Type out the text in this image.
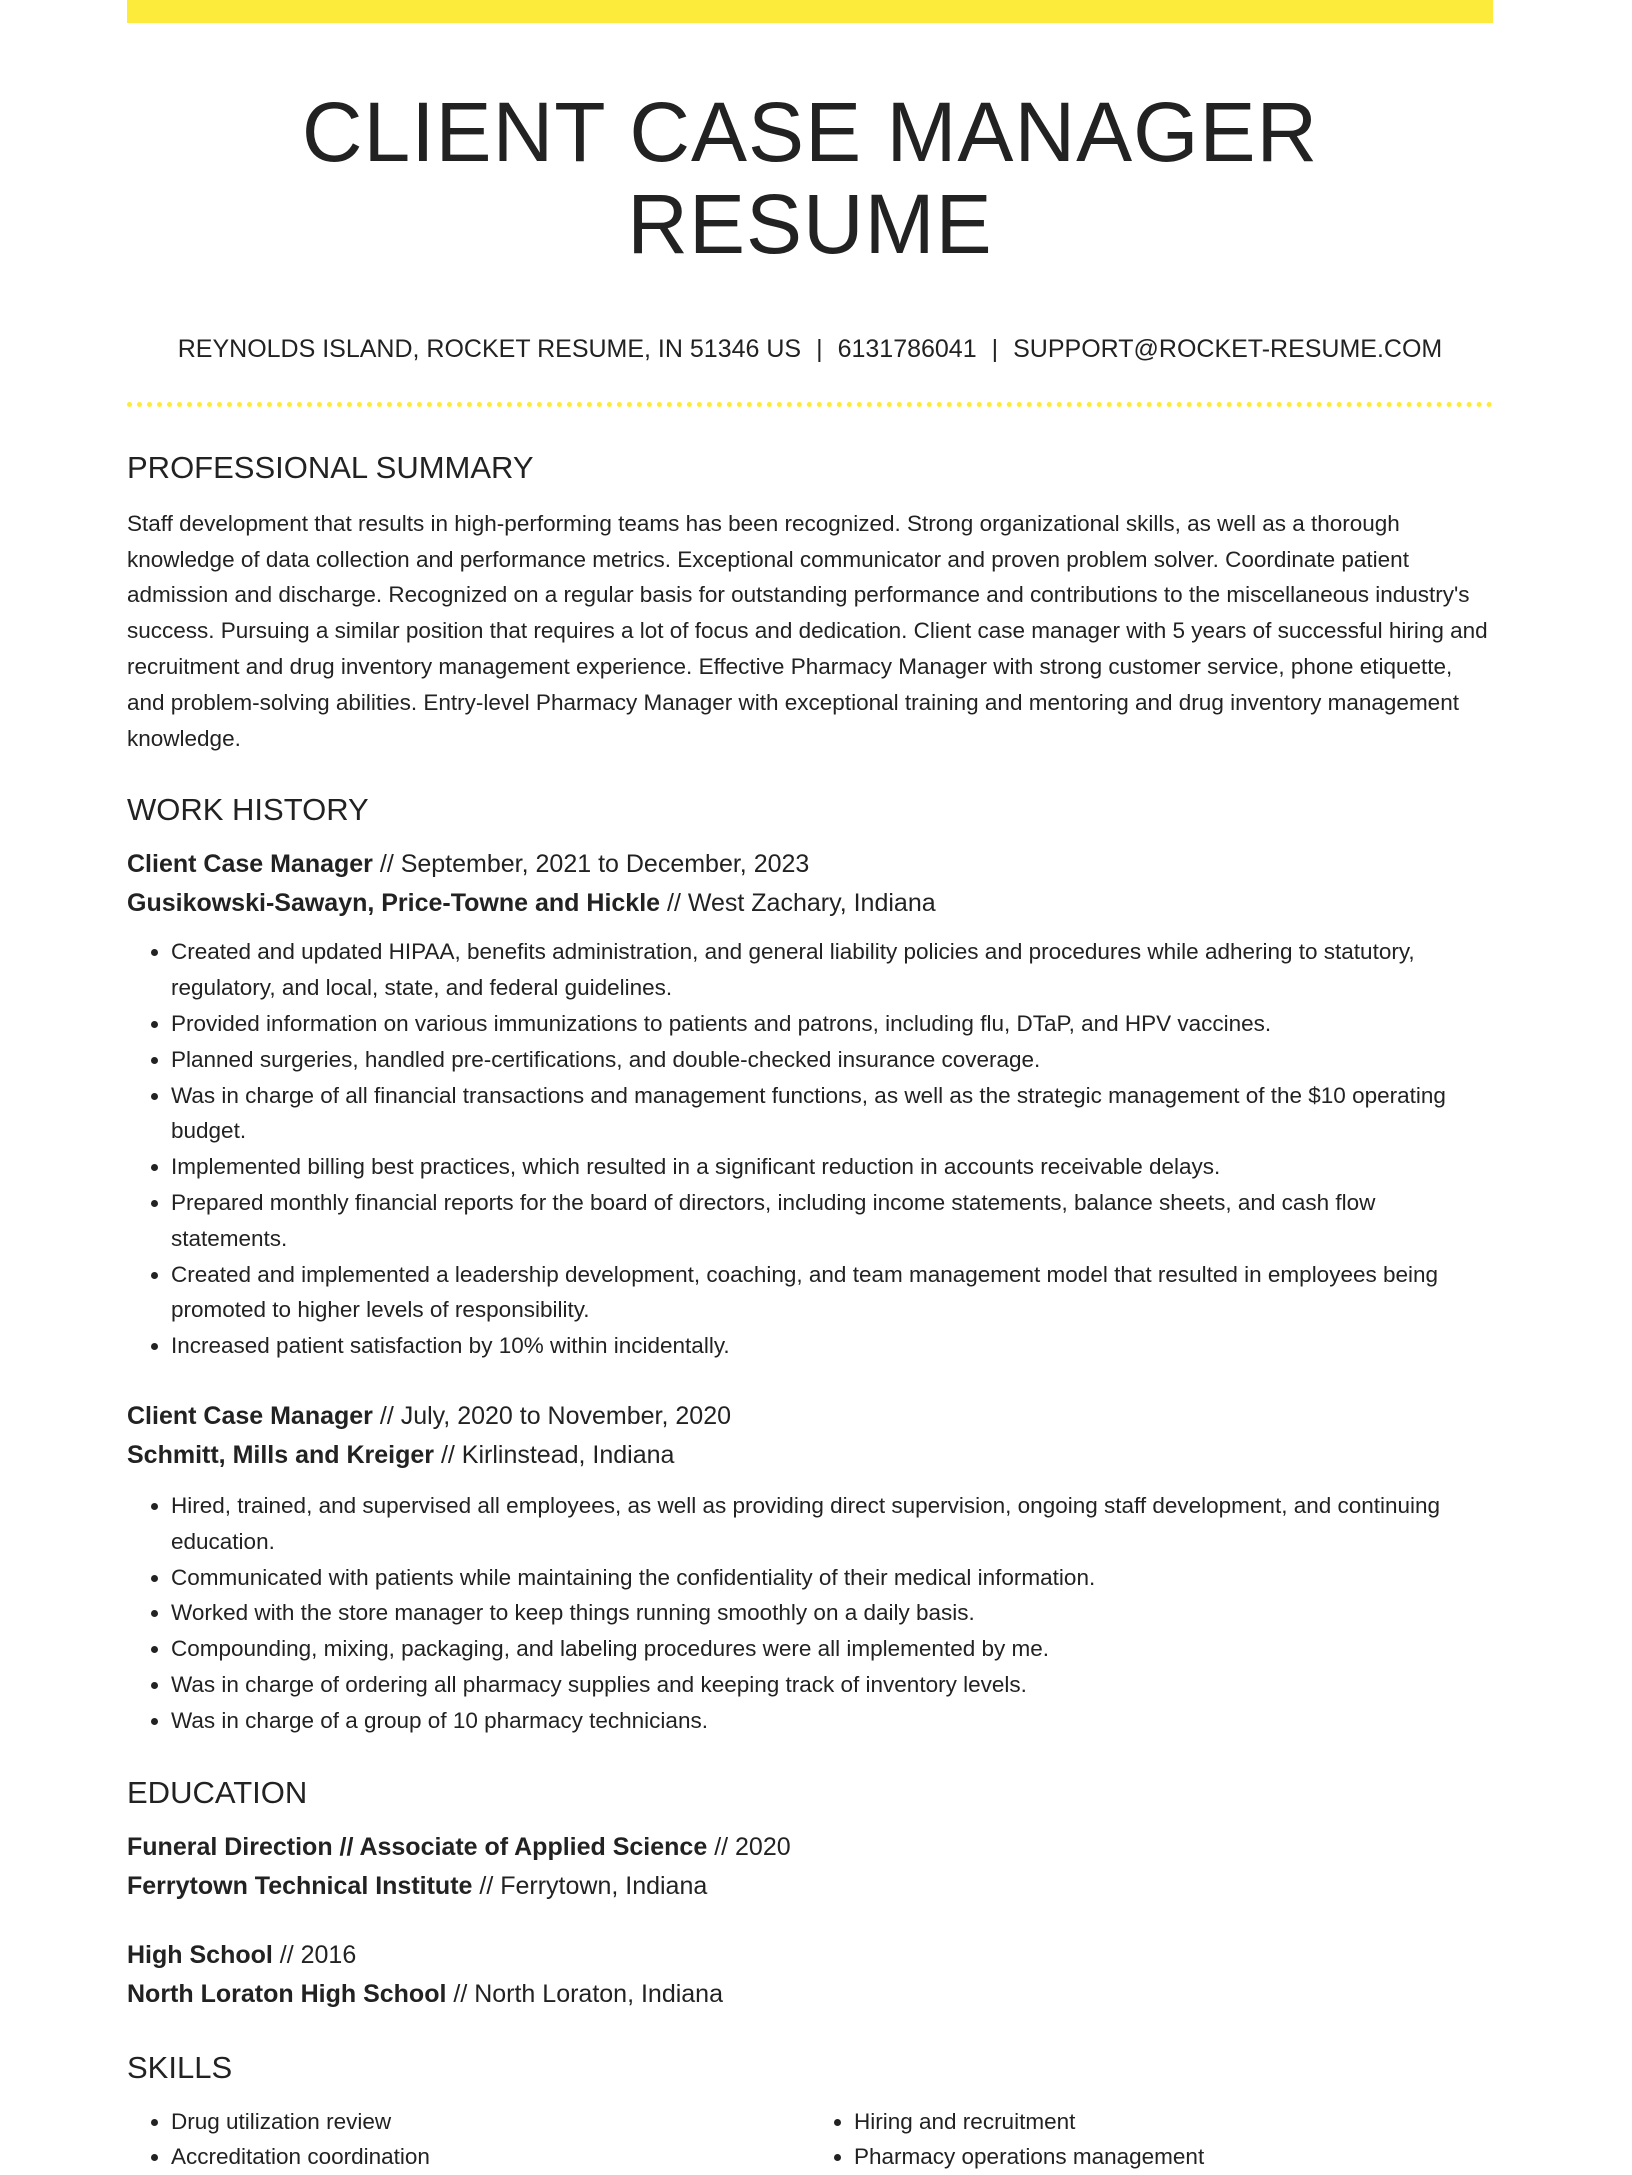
CLIENT CASE MANAGER RESUME
REYNOLDS ISLAND, ROCKET RESUME, IN 51346 US | 6131786041 | SUPPORT@ROCKET-RESUME.COM
PROFESSIONAL SUMMARY

Staff development that results in high-performing teams has been recognized. Strong organizational skills, as well as a thorough knowledge of data collection and performance metrics. Exceptional communicator and proven problem solver. Coordinate patient admission and discharge. Recognized on a regular basis for outstanding performance and contributions to the miscellaneous industry's success. Pursuing a similar position that requires a lot of focus and dedication. Client case manager with 5 years of successful hiring and recruitment and drug inventory management experience. Effective Pharmacy Manager with strong customer service, phone etiquette, and problem-solving abilities. Entry-level Pharmacy Manager with exceptional training and mentoring and drug inventory management knowledge.

WORK HISTORY
Client Case Manager // September, 2021 to December, 2023
Gusikowski-Sawayn, Price-Towne and Hickle // West Zachary, Indiana
• Created and updated HIPAA, benefits administration, and general liability policies and procedures while adhering to statutory, regulatory, and local, state, and federal guidelines.
• Provided information on various immunizations to patients and patrons, including flu, DTaP, and HPV vaccines.
• Planned surgeries, handled pre-certifications, and double-checked insurance coverage.
• Was in charge of all financial transactions and management functions, as well as the strategic management of the $10 operating budget.
• Implemented billing best practices, which resulted in a significant reduction in accounts receivable delays.
• Prepared monthly financial reports for the board of directors, including income statements, balance sheets, and cash flow statements.
• Created and implemented a leadership development, coaching, and team management model that resulted in employees being promoted to higher levels of responsibility.
• Increased patient satisfaction by 10% within incidentally.
Client Case Manager // July, 2020 to November, 2020
Schmitt, Mills and Kreiger // Kirlinstead, Indiana
• Hired, trained, and supervised all employees, as well as providing direct supervision, ongoing staff development, and continuing education.
• Communicated with patients while maintaining the confidentiality of their medical information.
• Worked with the store manager to keep things running smoothly on a daily basis.
• Compounding, mixing, packaging, and labeling procedures were all implemented by me.
• Was in charge of ordering all pharmacy supplies and keeping track of inventory levels.
• Was in charge of a group of 10 pharmacy technicians.
EDUCATION
Funeral Direction // Associate of Applied Science // 2020
Ferrytown Technical Institute // Ferrytown, Indiana
High School // 2016
North Loraton High School // North Loraton, Indiana
SKILLS
• Drug utilization review
• Accreditation coordination
• Hiring and recruitment
• Pharmacy operations management
